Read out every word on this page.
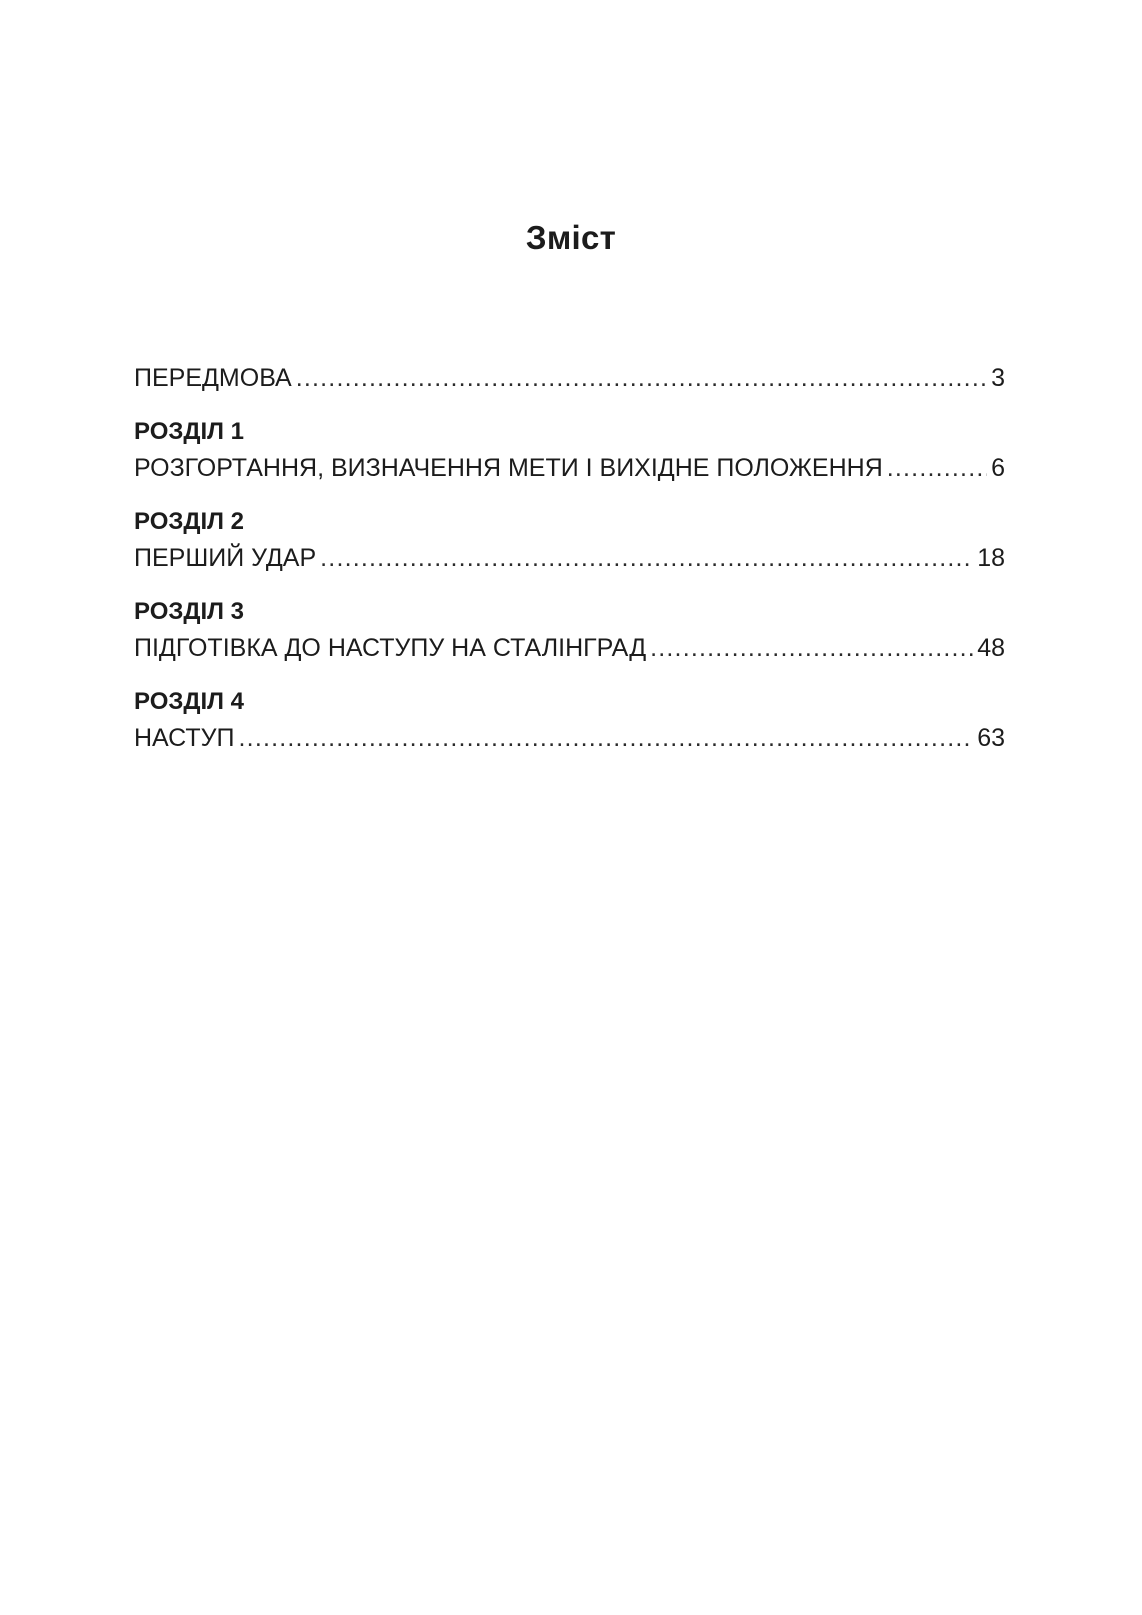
Зміст
ПЕРЕДМОВА .....	3
РОЗДІЛ 1
РОЗГОРТАННЯ, ВИЗНАЧЕННЯ МЕТИ І ВИХІДНЕ ПОЛОЖЕННЯ .....	6
РОЗДІЛ 2
ПЕРШИЙ УДАР .....	18
РОЗДІЛ 3
ПІДГОТІВКА ДО НАСТУПУ НА СТАЛІНГРАД .....	48
РОЗДІЛ 4
НАСТУП .....	63
